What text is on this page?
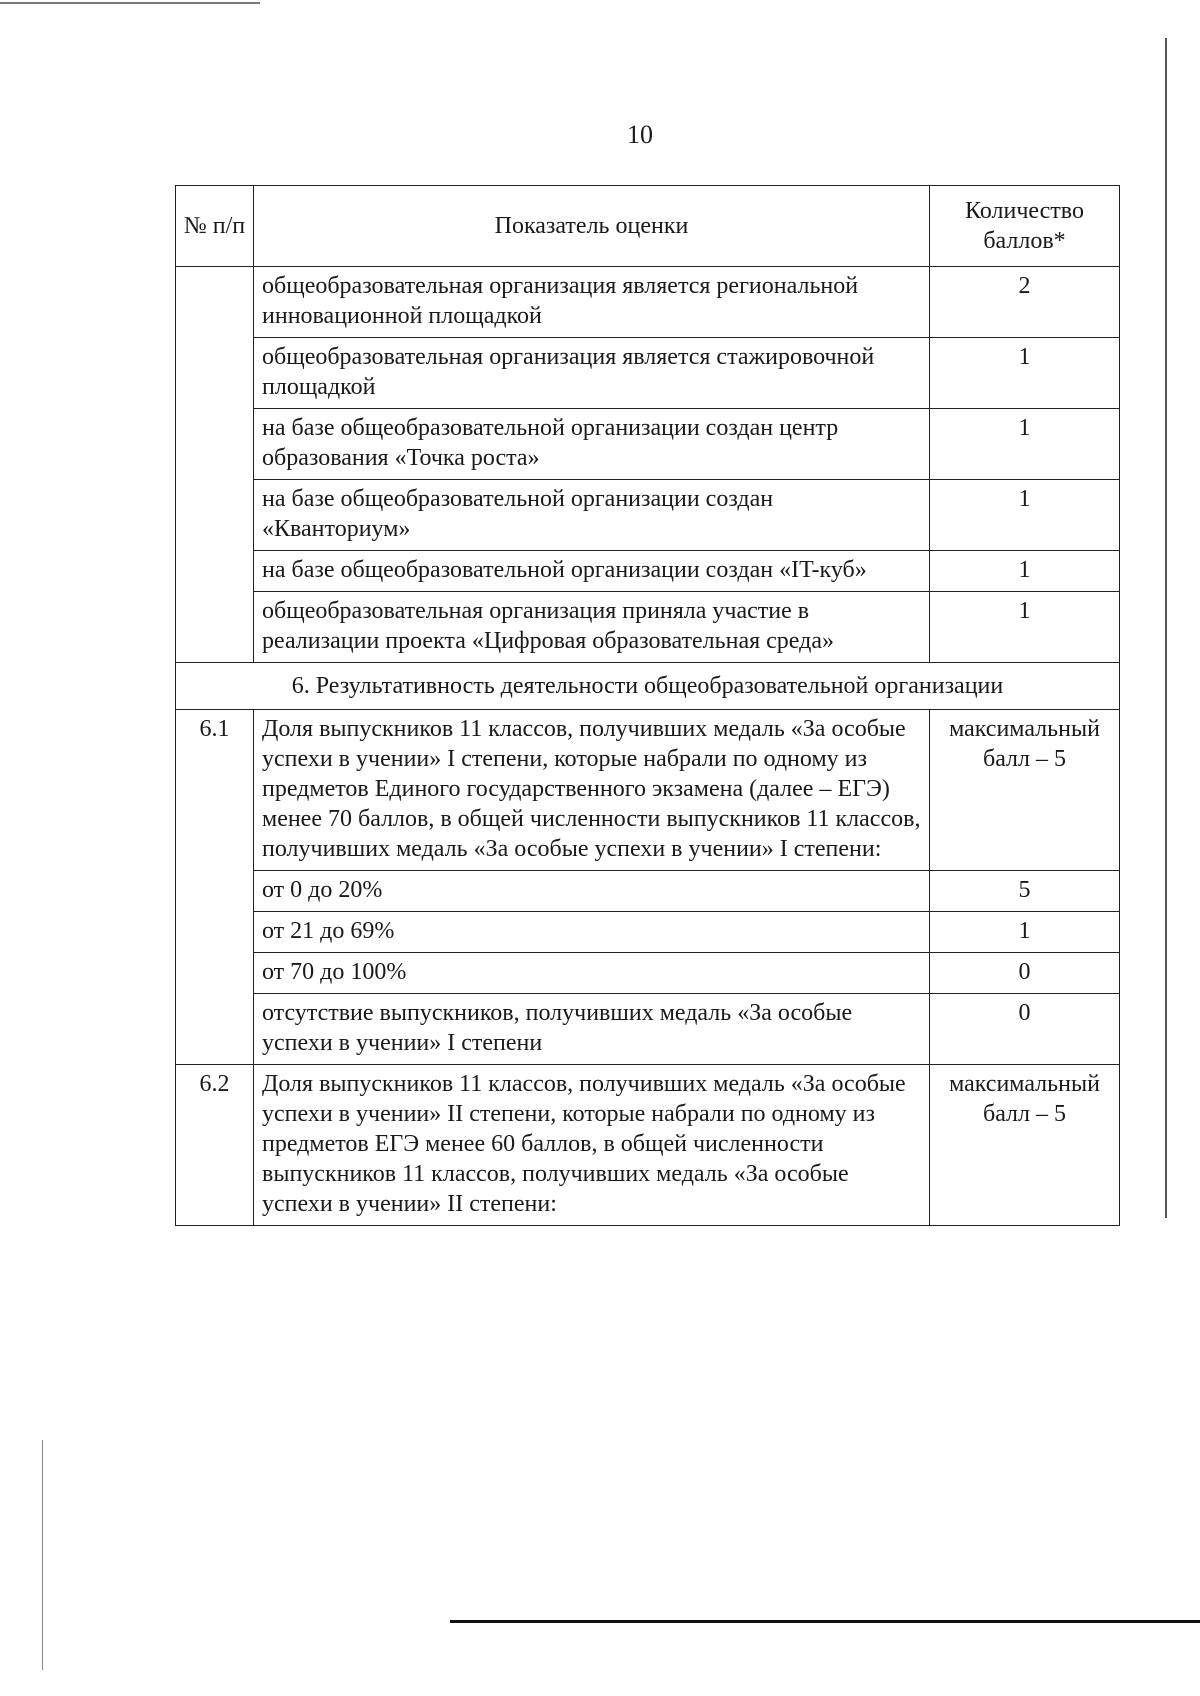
10
№ п/п	Показатель оценки	Количество баллов*
	общеобразовательная организация является региональной инновационной площадкой	2
	общеобразовательная организация является стажировочной площадкой	1
	на базе общеобразовательной организации создан центр образования «Точка роста»	1
	на базе общеобразовательной организации создан «Кванториум»	1
	на базе общеобразовательной организации создан «IT-куб»	1
	общеобразовательная организация приняла участие в реализации проекта «Цифровая образовательная среда»	1
6. Результативность деятельности общеобразовательной организации		
6.1	Доля выпускников 11 классов, получивших медаль «За особые успехи в учении» I степени, которые набрали по одному из предметов Единого государственного экзамена (далее – ЕГЭ) менее 70 баллов, в общей численности выпускников 11 классов, получивших медаль «За особые успехи в учении» I степени:	максимальный балл – 5
	от 0 до 20%	5
	от 21 до 69%	1
	от 70 до 100%	0
	отсутствие выпускников, получивших медаль «За особые успехи в учении» I степени	0
6.2	Доля выпускников 11 классов, получивших медаль «За особые успехи в учении» II степени, которые набрали по одному из предметов ЕГЭ менее 60 баллов, в общей численности выпускников 11 классов, получивших медаль «За особые успехи в учении» II степени:	максимальный балл – 5
